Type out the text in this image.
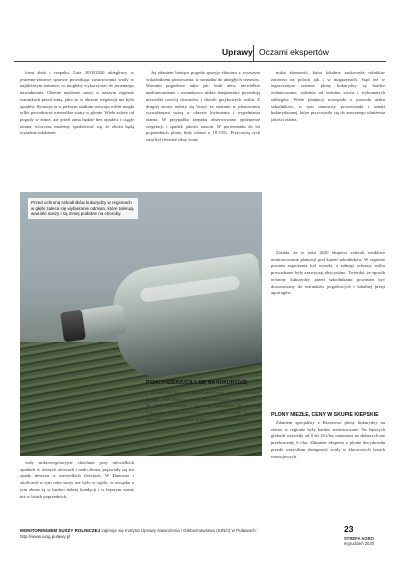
Uprawy Oczami ekspertów

form zbóż i rzepaku. Lata 2018/2020 ubiegłowy w jesienno-zimowe sprawie powodując zastosowania wody w najbliższym terminie, co mogłaby wykorzystać do jesiennego nawadniania. Obecne nasilenie suszy w naszym regionie warunkach przed zimą, jako że w okresie wegetacji nie było opadów. Sytuacja ta w późnym stadium rozwoju roślin mogła tylko powodować niewielkie straty w plonie. Wiele zależy od pogody w zimie, ale jeżeli zima będzie bez opadów i ciągle zimna, wówczas możemy spodziewać się, że zboża będą wyraźnie osłabione.

Jej zdaniem bieżąca pogoda sprzyja zbiorom z wyższym wskaźnikiem plonowania, w stosunku do ubiegłych sezonów. Warunki pogodowe takie jak: brak ulew, niewielkie nasłonecznienie i stosunkowo niskie temperatury powodują niewielki rozwój chwastów i chorób grzybowych roślin. Z drugiej strony należy się liczyć ze stratami w plonowaniu wywołanymi suszą w okresie kwitnienia i wypełniania ziarna. W przypadku rzepaku obserwowano opóźnienie wegetacji i spadek jakości nasion. W porównaniu do lat poprzednich plony były niższe o 10-15%. Przyczyną tych strat był również silny wiatr.

niska zbieżność, która lokalnie zaskoczyła rolników zarówno na polach jak i w magazynach. Stąd też w tegorocznym sezonie plony kukurydzy są bardzo zróżnicowane, zależnie od terminu siewu i wykonanych zabiegów. Wiele plantacji ucierpiało z powodu ataku szkodników, w tym omacnicy prosowianki i stonki kukurydzianej, które przyczyniły się do znacznego obniżenia jakości ziarna.

Zasada, że w roku 2020 eksperci zalecali wnikliwe monitorowanie plantacji pod kątem szkodników. W regionie poziom zagrożenia był wysoki, a zabiegi ochrony roślin prowadzone były zazwyczaj zbyt późno. Twierdzi, że sposób ochrony kukurydzy przed szkodnikami powinien być dostosowany do warunków pogodowych i lokalnej presji agrofagów.

Przed ochroną szkodników kukurydzy w regionach w głębi zaleca się wybieranie odmian, które tolerują warunki suszy i są mniej podatne na choroby.
PTAKI PRZERZUCIŁY SIĘ NA KUKURYDZĘ

Dr hab. inż. Paweł K. Bereś, prof. nadz. Instytutu Ochrony Roślin – PIB Terenowa Stacja Doświadczalna w Rzeszowie – W 2020 roku wiosna i lato były sprzyjające dla rozwoju kukurydzy. Suchy kwiecień i maj, a także ciepły wrzesień spowodowały wydłużenie okresu wegetacji kukurydzy.

PLONY NIEZŁE, CENY W SKUPIE KIEPSKIE

Zdaniem specjalisty z Rzeszowa plony kukurydzy na ziarno w regionie były bardzo zróżnicowane. Na lepszych glebach wynosiły od 8 do 10 t/ha, natomiast na słabszych nie przekraczały 6 t/ha. Zdaniem eksperta o plonie decydowała przede wszystkim dostępność wody w kluczowych fazach rozwojowych.

wały mikrowegetacyjne chwilami przy niewielkich opadach w różnych okresach i mało zboża, pojawiały się też opady deszczu w niewielkich ilościach. W Dunowie i okolicach w tym roku suszy nie było w ogóle, w związku z tym zboża są w bardzo dobrej kondycji i w lepszym stanie niż w latach poprzednich.

MONITORINGIEM SUSZY ROLNICZEJ zajmuje się Instytut Uprawy Nawożenia i Gleboznawstwa (IUNG) w Puławach: http://www.iung.pulawy.pl
23
STREFA AGRO
9/grudzień 2020
